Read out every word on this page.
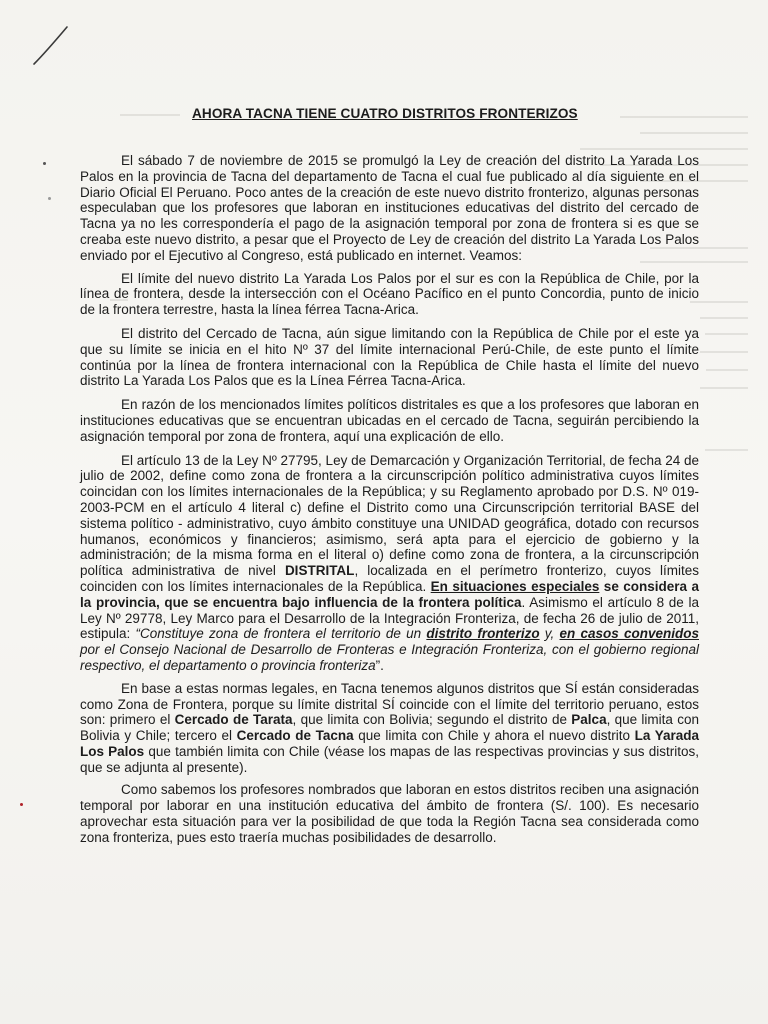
AHORA TACNA TIENE CUATRO DISTRITOS FRONTERIZOS

El sábado 7 de noviembre de 2015 se promulgó la Ley de creación del distrito La Yarada Los Palos en la provincia de Tacna del departamento de Tacna el cual fue publicado al día siguiente en el Diario Oficial El Peruano. Poco antes de la creación de este nuevo distrito fronterizo, algunas personas especulaban que los profesores que laboran en instituciones educativas del distrito del cercado de Tacna ya no les correspondería el pago de la asignación temporal por zona de frontera si es que se creaba este nuevo distrito, a pesar que el Proyecto de Ley de creación del distrito La Yarada Los Palos enviado por el Ejecutivo al Congreso, está publicado en internet. Veamos:

El límite del nuevo distrito La Yarada Los Palos por el sur es con la República de Chile, por la línea de frontera, desde la intersección con el Océano Pacífico en el punto Concordia, punto de inicio de la frontera terrestre, hasta la línea férrea Tacna-Arica.

El distrito del Cercado de Tacna, aún sigue limitando con la República de Chile por el este ya que su límite se inicia en el hito Nº 37 del límite internacional Perú-Chile, de este punto el límite continúa por la línea de frontera internacional con la República de Chile hasta el límite del nuevo distrito La Yarada Los Palos que es la Línea Férrea Tacna-Arica.

En razón de los mencionados límites políticos distritales es que a los profesores que laboran en instituciones educativas que se encuentran ubicadas en el cercado de Tacna, seguirán percibiendo la asignación temporal por zona de frontera, aquí una explicación de ello.

El artículo 13 de la Ley Nº 27795, Ley de Demarcación y Organización Territorial, de fecha 24 de julio de 2002, define como zona de frontera a la circunscripción político administrativa cuyos límites coincidan con los límites internacionales de la República; y su Reglamento aprobado por D.S. Nº 019-2003-PCM en el artículo 4 literal c) define el Distrito como una Circunscripción territorial BASE del sistema político - administrativo, cuyo ámbito constituye una UNIDAD geográfica, dotado con recursos humanos, económicos y financieros; asimismo, será apta para el ejercicio de gobierno y la administración; de la misma forma en el literal o) define como zona de frontera, a la circunscripción política administrativa de nivel DISTRITAL, localizada en el perímetro fronterizo, cuyos límites coinciden con los límites internacionales de la República. En situaciones especiales se considera a la provincia, que se encuentra bajo influencia de la frontera política. Asimismo el artículo 8 de la Ley Nº 29778, Ley Marco para el Desarrollo de la Integración Fronteriza, de fecha 26 de julio de 2011, estipula: “Constituye zona de frontera el territorio de un distrito fronterizo y, en casos convenidos por el Consejo Nacional de Desarrollo de Fronteras e Integración Fronteriza, con el gobierno regional respectivo, el departamento o provincia fronteriza”.

En base a estas normas legales, en Tacna tenemos algunos distritos que SÍ están consideradas como Zona de Frontera, porque su límite distrital SÍ coincide con el límite del territorio peruano, estos son: primero el Cercado de Tarata, que limita con Bolivia; segundo el distrito de Palca, que limita con Bolivia y Chile; tercero el Cercado de Tacna que limita con Chile y ahora el nuevo distrito La Yarada Los Palos que también limita con Chile (véase los mapas de las respectivas provincias y sus distritos, que se adjunta al presente).

Como sabemos los profesores nombrados que laboran en estos distritos reciben una asignación temporal por laborar en una institución educativa del ámbito de frontera (S/. 100). Es necesario aprovechar esta situación para ver la posibilidad de que toda la Región Tacna sea considerada como zona fronteriza, pues esto traería muchas posibilidades de desarrollo.
